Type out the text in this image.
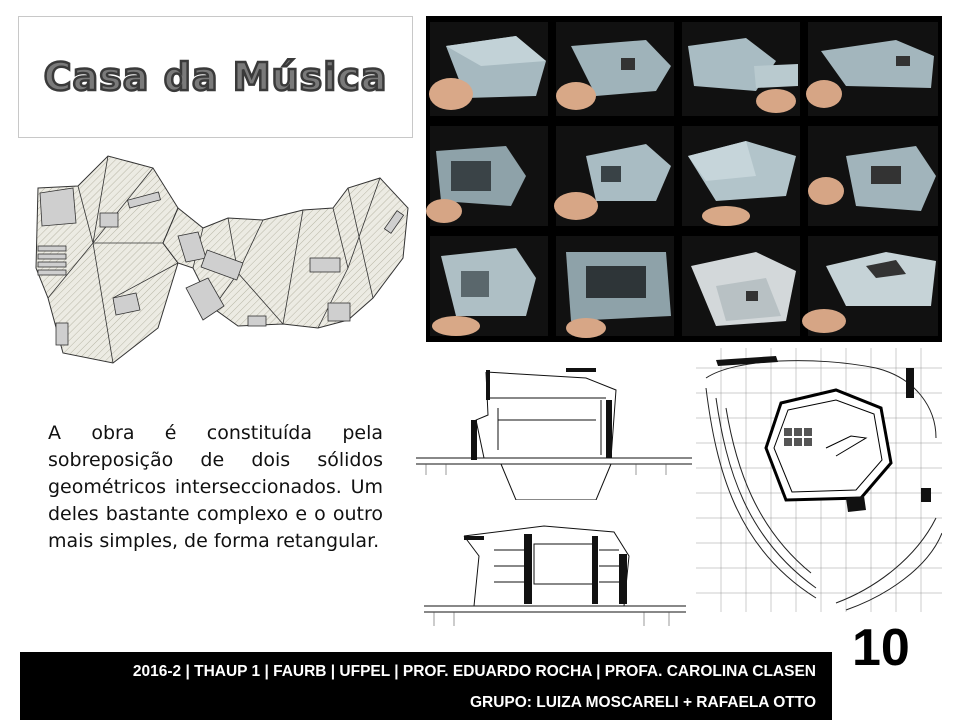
Casa da Música
A obra é constituída pela sobreposição de dois sólidos geométricos interseccionados. Um deles bastante complexo e o outro mais simples, de forma retangular.
10
2016-2 | THAUP 1 | FAURB | UFPEL | PROF. EDUARDO ROCHA | PROFA. CAROLINA CLASEN
GRUPO: LUIZA MOSCARELI + RAFAELA OTTO
